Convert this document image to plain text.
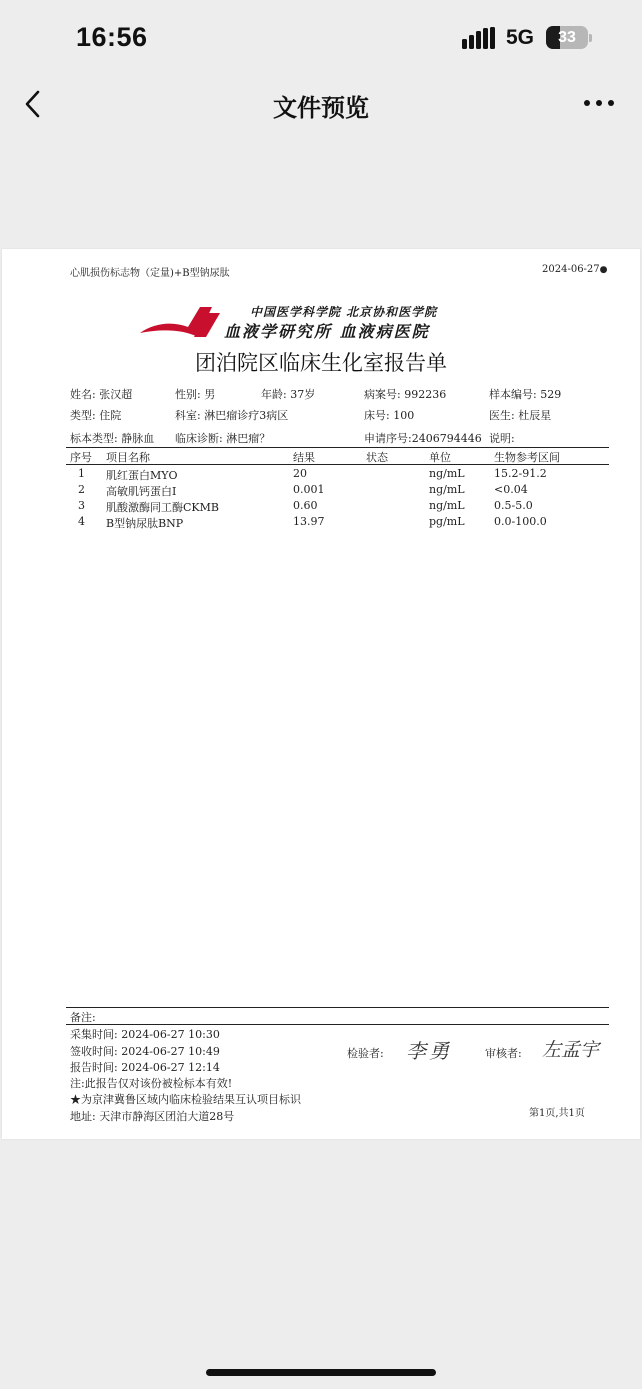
16:56	5G	33
文件预览
心肌损伤标志物（定量)+B型钠尿肽	2024-06-27●
中国医学科学院 北京协和医学院
血液学研究所 血液病医院
团泊院区临床生化室报告单
姓名: 张汉超	性别: 男	年龄: 37岁	病案号: 992236	样本编号: 529
类型: 住院	科室: 淋巴瘤诊疗3病区	床号: 100	医生: 杜辰星
标本类型: 静脉血 临床诊断: 淋巴瘤？	申请序号:2406794446 说明:
序号 项目名称	结果	状态	单位	生物参考区间
1 肌红蛋白MYO	20	ng/mL	15.2-91.2
2 高敏肌钙蛋白I	0.001	ng/mL	<0.04
3 肌酸激酶同工酶CKMB	0.60	ng/mL	0.5-5.0
4 B型钠尿肽BNP	13.97	pg/mL	0.0-100.0
备注:
采集时间: 2024-06-27 10:30
签收时间: 2024-06-27 10:49
报告时间: 2024-06-27 12:14
注:此报告仅对该份被检标本有效!
★为京津冀鲁区域内临床检验结果互认项目标识
地址: 天津市静海区团泊大道28号
检验者: 李勇	审核者: 左孟宇
第1页,共1页
